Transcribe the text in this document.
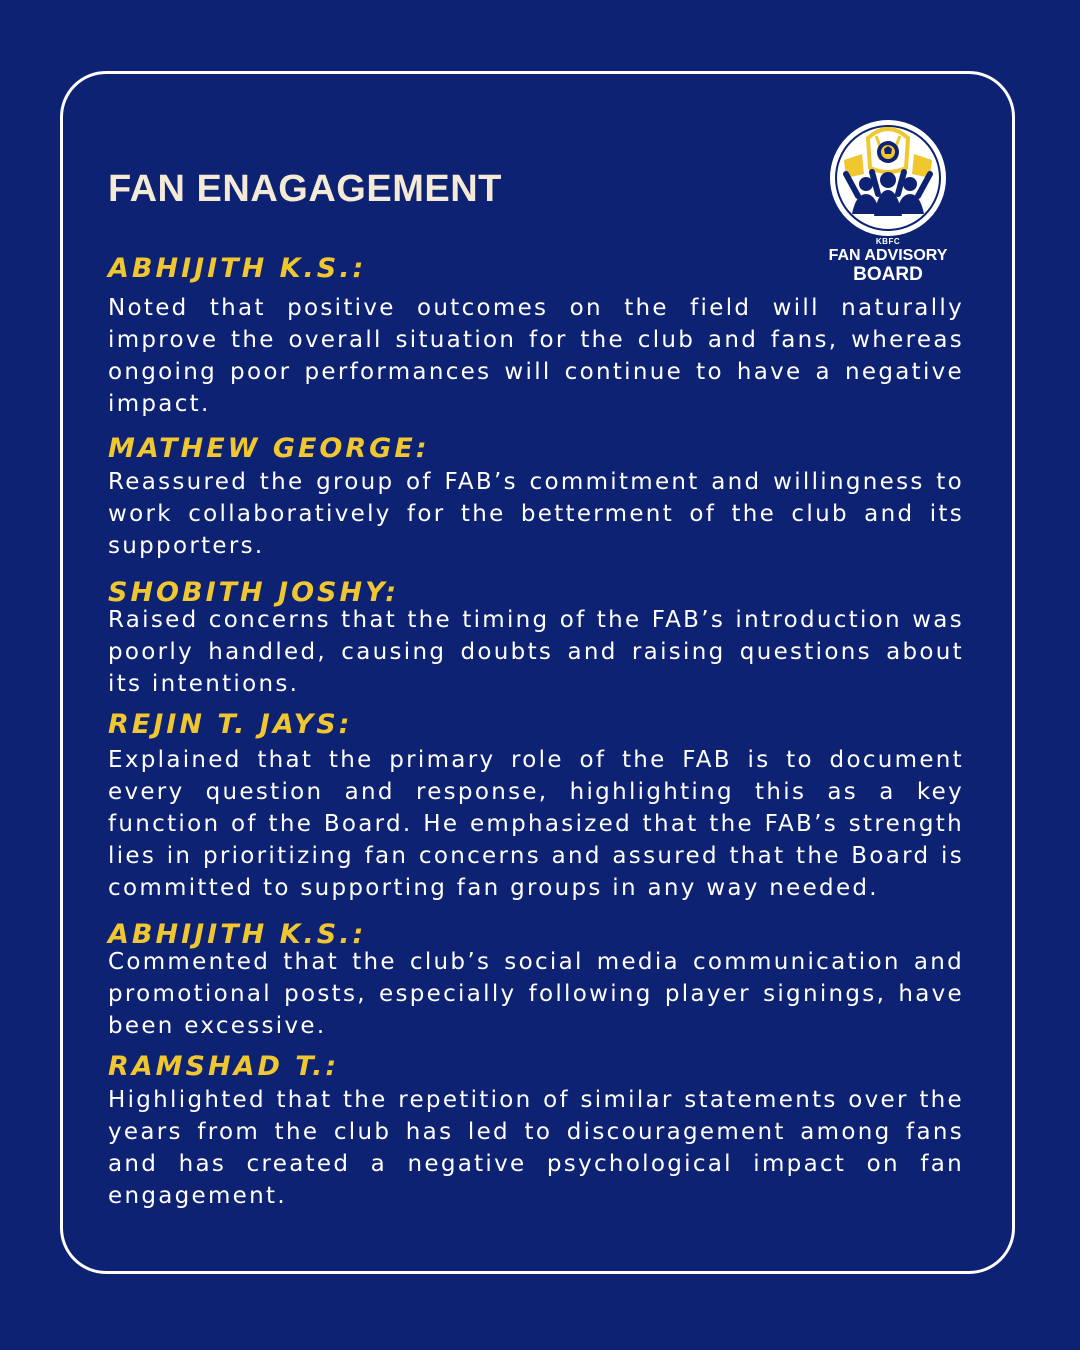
FAN ENAGAGEMENT
KBFC
FAN ADVISORY
BOARD

ABHIJITH K.S.:

Noted that positive outcomes on the field will naturally improve the overall situation for the club and fans, whereas ongoing poor performances will continue to have a negative impact.

MATHEW GEORGE:

Reassured the group of FAB’s commitment and willingness to work collaboratively for the betterment of the club and its supporters.

SHOBITH JOSHY:

Raised concerns that the timing of the FAB’s introduction was poorly handled, causing doubts and raising questions about its intentions.

REJIN T. JAYS:

Explained that the primary role of the FAB is to document every question and response, highlighting this as a key function of the Board. He emphasized that the FAB’s strength lies in prioritizing fan concerns and assured that the Board is committed to supporting fan groups in any way needed.

ABHIJITH K.S.:

Commented that the club’s social media communication and promotional posts, especially following player signings, have been excessive.

RAMSHAD T.:

Highlighted that the repetition of similar statements over the years from the club has led to discouragement among fans and has created a negative psychological impact on fan engagement.
